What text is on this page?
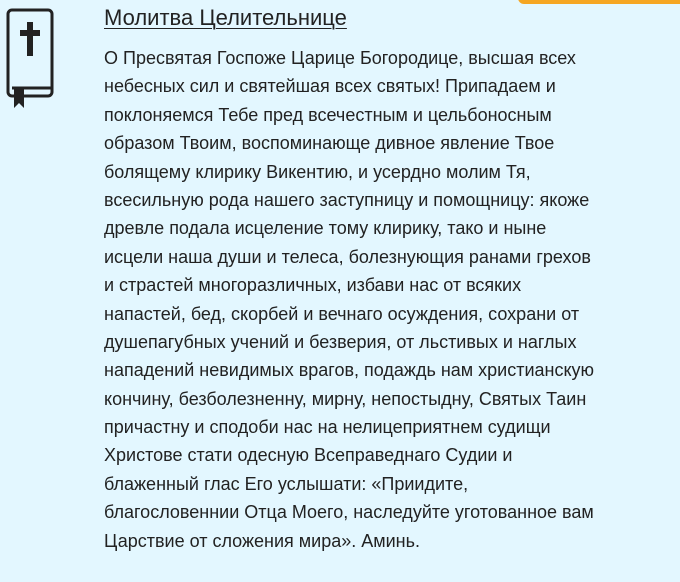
Молитва Целительнице
О Пресвятая Госпоже Царице Богородице, высшая всех
небесных сил и святейшая всех святых! Припадаем и
поклоняемся Тебе пред всечестным и цельбоносным
образом Твоим, воспоминающе дивное явление Твое
болящему клирику Викентию, и усердно молим Тя,
всесильную рода нашего заступницу и помощницу: якоже
древле подала исцеление тому клирику, тако и ныне
исцели наша души и телеса, болезнующия ранами грехов
и страстей многоразличных, избави нас от всяких
напастей, бед, скорбей и вечнаго осуждения, сохрани от
душепагубных учений и безверия, от льстивых и наглых
нападений невидимых врагов, подаждь нам христианскую
кончину, безболезненну, мирну, непостыдну, Святых Таин
причастну и сподоби нас на нелицеприятнем судищи
Христове стати одесную Всеправеднаго Судии и
блаженный глас Его услышати: «Приидите,
благословеннии Отца Моего, наследуйте уготованное вам
Царствие от сложения мира». Аминь.
